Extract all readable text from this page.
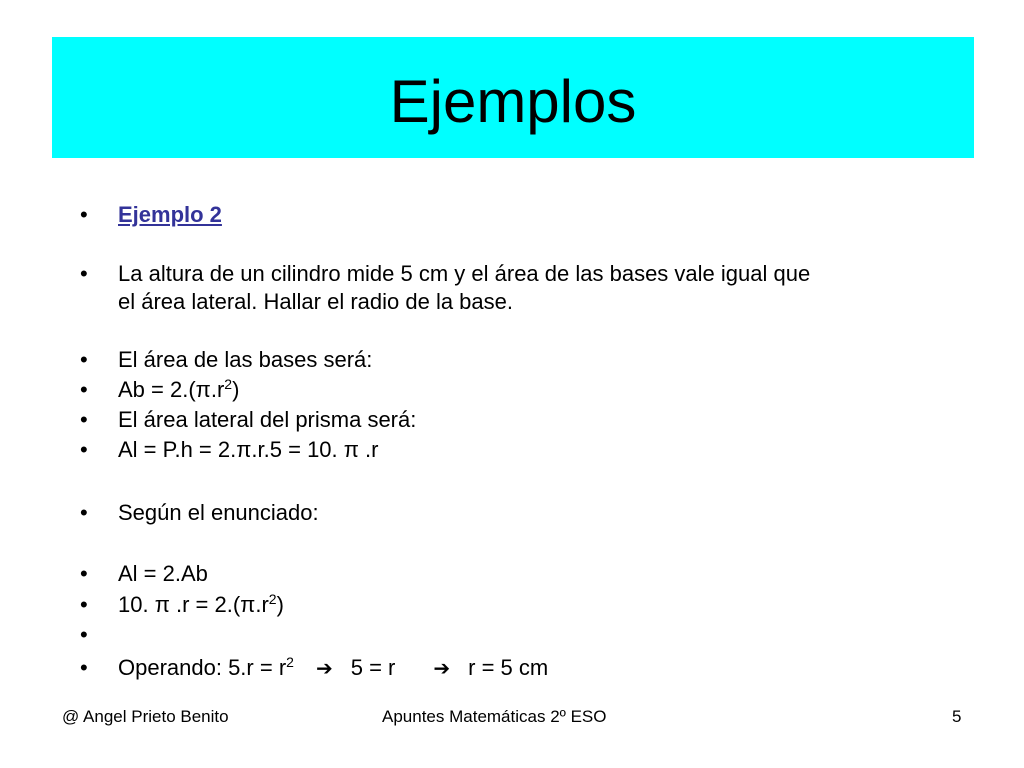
Ejemplos
• Ejemplo 2
• La altura de un cilindro mide 5 cm y el área de las bases vale igual que
el área lateral. Hallar el radio de la base.
• El área de las bases será:
• $Ab = 2.(\pi.r^2)$
• El área lateral del prisma será:
• Al = P.h = 2.π.r.5 = 10. π .r
• Según el enunciado:
• Al = 2.Ab
• 10. π $.r = 2.(\pi.r^2)$
•
• Operando: $5.r = r^2$ ➔ 5 = r ➔ r = 5 cm
@ Angel Prieto Benito	Apuntes Matemáticas 2º ESO	5
